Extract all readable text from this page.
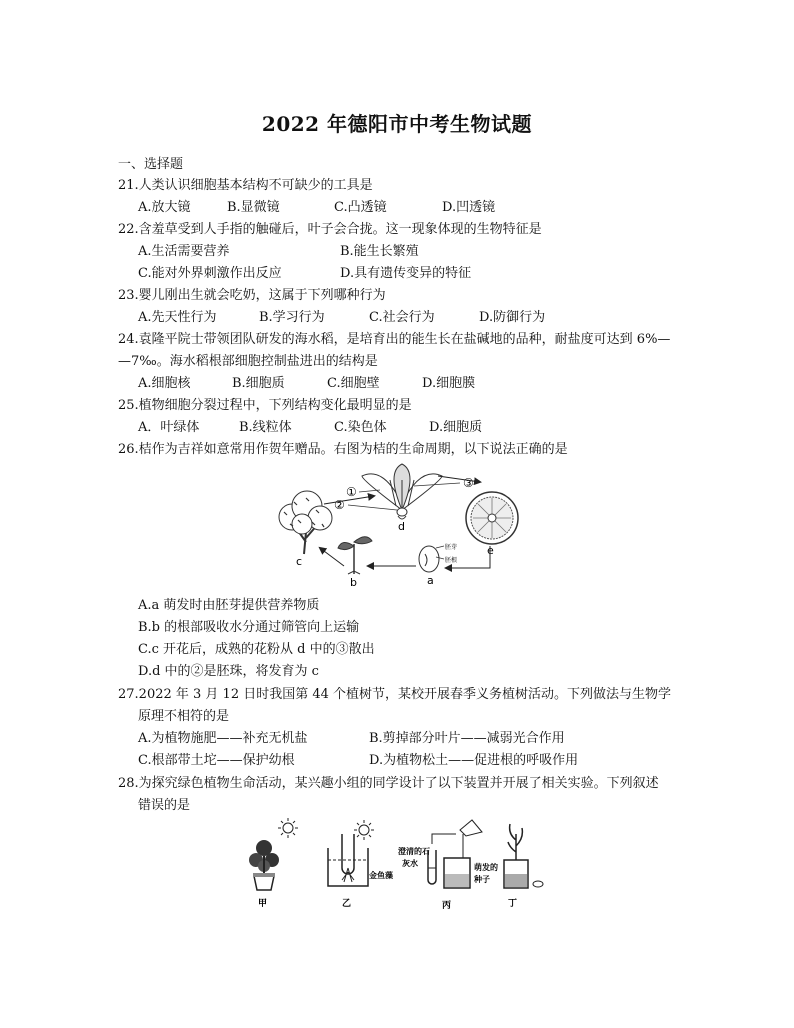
2022 年德阳市中考生物试题
一、选择题
21.人类认识细胞基本结构不可缺少的工具是
A.放大镜	B.显微镜	C.凸透镜	D.凹透镜
22.含羞草受到人手指的触碰后，叶子会合拢。这一现象体现的生物特征是
A.生活需要营养	B.能生长繁殖
C.能对外界刺激作出反应	D.具有遗传变异的特征
23.婴儿刚出生就会吃奶，这属于下列哪种行为
A.先天性行为	B.学习行为	C.社会行为	D.防御行为
24.袁隆平院士带领团队研发的海水稻，是培育出的能生长在盐碱地的品种，耐盐度可达到 6%—
—7‰。海水稻根部细胞控制盐进出的结构是
A.细胞核	B.细胞质	C.细胞壁	D.细胞膜
25.植物细胞分裂过程中，下列结构变化最明显的是
A．叶绿体	B.线粒体	C.染色体	D.细胞质
26.桔作为吉祥如意常用作贺年赠品。右图为桔的生命周期，以下说法正确的是
c
b
胚芽
胚根
a
d
①
②
③
e
A.a 萌发时由胚芽提供营养物质
B.b 的根部吸收水分通过筛管向上运输
C.c 开花后，成熟的花粉从 d 中的③散出
D.d 中的②是胚珠，将发育为 c
27.2022 年 3 月 12 日时我国第 44 个植树节，某校开展春季义务植树活动。下列做法与生物学
原理不相符的是
A.为植物施肥——补充无机盐	B.剪掉部分叶片——减弱光合作用
C.根部带土坨——保护幼根	D.为植物松土——促进根的呼吸作用
28.为探究绿色植物生命活动，某兴趣小组的同学设计了以下装置并开展了相关实验。下列叙述
错误的是
甲
金鱼藻
乙
澄清的石
灰水	萌发的
种子
丙	丁
